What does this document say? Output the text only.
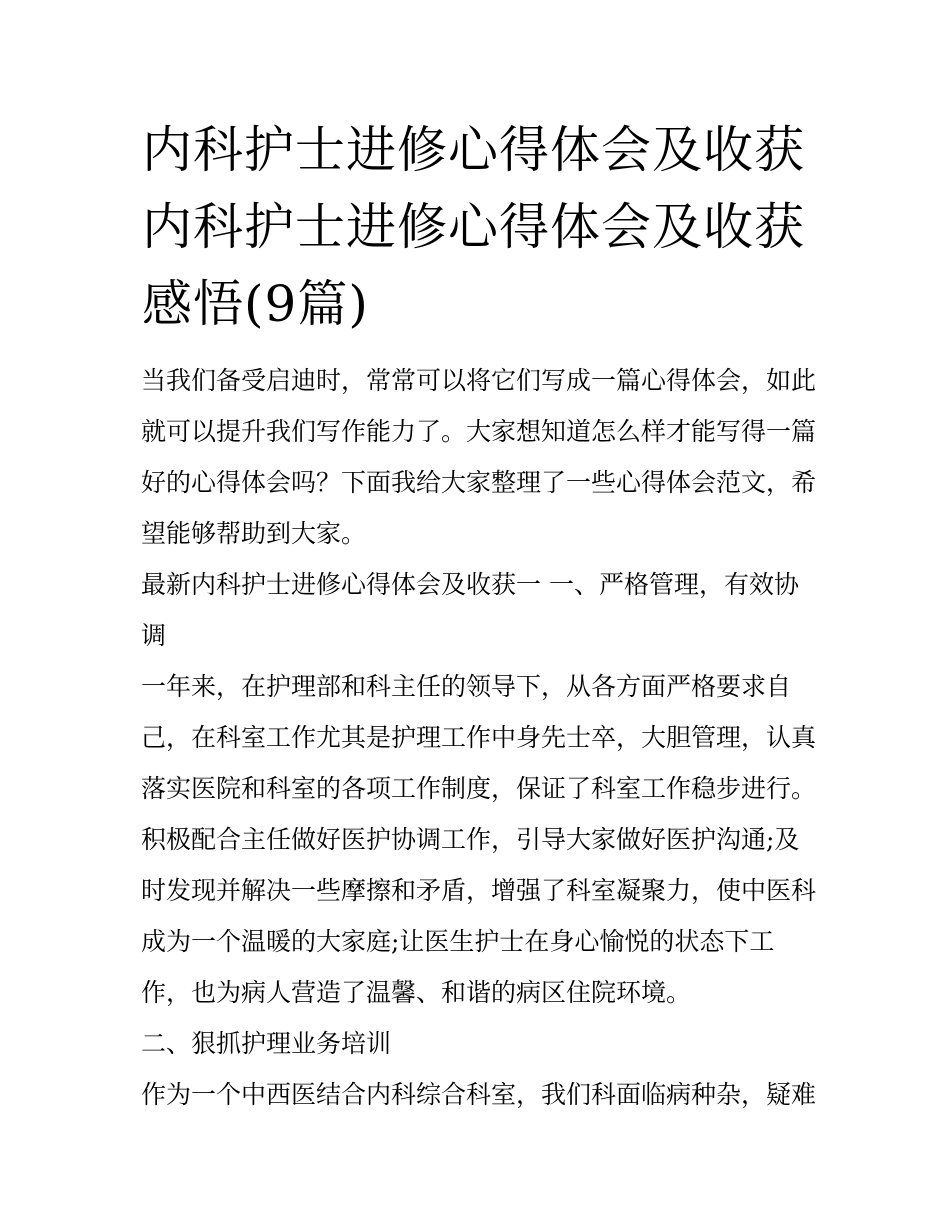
内科护士进修心得体会及收获
内科护士进修心得体会及收获
感悟(9篇)
当我们备受启迪时，常常可以将它们写成一篇心得体会，如此
就可以提升我们写作能力了。大家想知道怎么样才能写得一篇
好的心得体会吗？下面我给大家整理了一些心得体会范文，希
望能够帮助到大家。
最新内科护士进修心得体会及收获一 一、严格管理，有效协
调
一年来，在护理部和科主任的领导下，从各方面严格要求自
己，在科室工作尤其是护理工作中身先士卒，大胆管理，认真
落实医院和科室的各项工作制度，保证了科室工作稳步进行。
积极配合主任做好医护协调工作，引导大家做好医护沟通;及
时发现并解决一些摩擦和矛盾，增强了科室凝聚力，使中医科
成为一个温暖的大家庭;让医生护士在身心愉悦的状态下工
作，也为病人营造了温馨、和谐的病区住院环境。
二、狠抓护理业务培训
作为一个中西医结合内科综合科室，我们科面临病种杂，疑难
